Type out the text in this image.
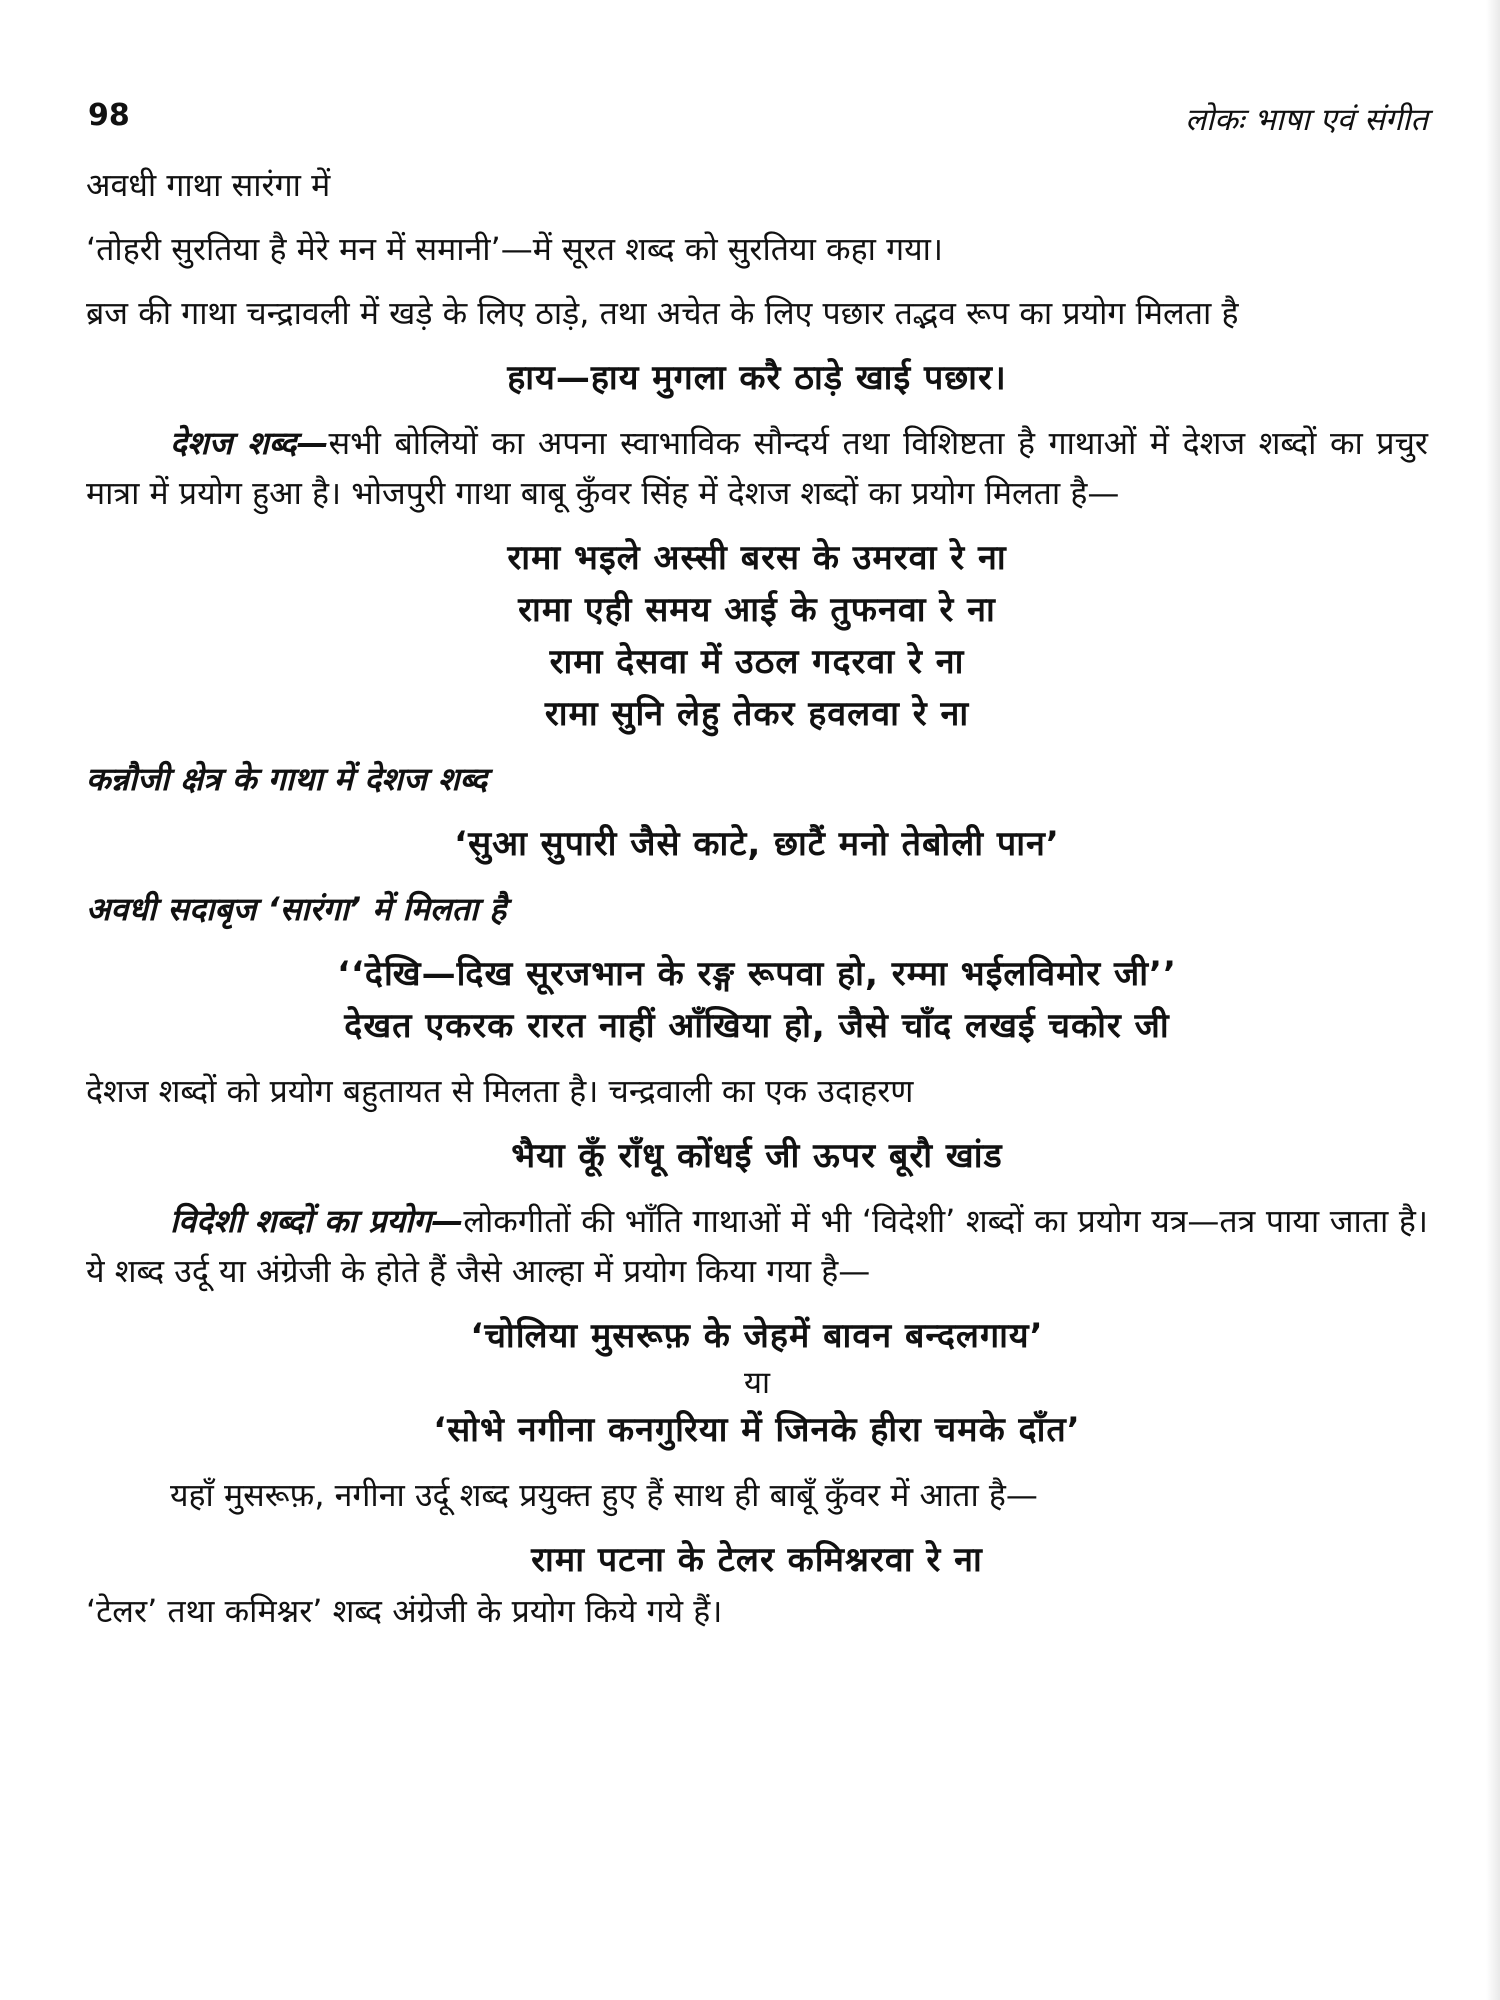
98	लोकः भाषा एवं संगीत

अवधी गाथा सारंगा में

‘तोहरी सुरतिया है मेरे मन में समानी’—में सूरत शब्द को सुरतिया कहा गया।

ब्रज की गाथा चन्द्रावली में खड़े के लिए ठाड़े, तथा अचेत के लिए पछार तद्भव रूप का प्रयोग मिलता है

हाय—हाय मुगला करै ठाड़े खाई पछार।

देशज शब्द—सभी बोलियों का अपना स्वाभाविक सौन्दर्य तथा विशिष्टता है गाथाओं में देशज शब्दों का प्रचुर मात्रा में प्रयोग हुआ है। भोजपुरी गाथा बाबू कुँवर सिंह में देशज शब्दों का प्रयोग मिलता है—

रामा भइले अस्सी बरस के उमरवा रे ना

रामा एही समय आई के तुफनवा रे ना

रामा देसवा में उठल गदरवा रे ना

रामा सुनि लेहु तेकर हवलवा रे ना

कन्नौजी क्षेत्र के गाथा में देशज शब्द

‘सुआ सुपारी जैसे काटे, छाटैं मनो तेबोली पान’

अवधी सदाबृज ‘सारंगा’ में मिलता है

‘‘देखि—दिख सूरजभान के रङ्ग रूपवा हो, रम्मा भईलविमोर जी’’

देखत एकरक रारत नाहीं आँखिया हो, जैसे चाँद लखई चकोर जी

देशज शब्दों को प्रयोग बहुतायत से मिलता है। चन्द्रवाली का एक उदाहरण

भैया कूँ राँधू कोंधई जी ऊपर बूरौ खांड

विदेशी शब्दों का प्रयोग—लोकगीतों की भाँति गाथाओं में भी ‘विदेशी’ शब्दों का प्रयोग यत्र—तत्र पाया जाता है। ये शब्द उर्दू या अंग्रेजी के होते हैं जैसे आल्हा में प्रयोग किया गया है—

‘चोलिया मुसरूफ़ के जेहमें बावन बन्दलगाय’

या

‘सोभे नगीना कनगुरिया में जिनके हीरा चमके दाँत’

यहाँ मुसरूफ़, नगीना उर्दू शब्द प्रयुक्त हुए हैं साथ ही बाबूँ कुँवर में आता है—

रामा पटना के टेलर कमिश्नरवा रे ना

‘टेलर’ तथा कमिश्नर’ शब्द अंग्रेजी के प्रयोग किये गये हैं।
